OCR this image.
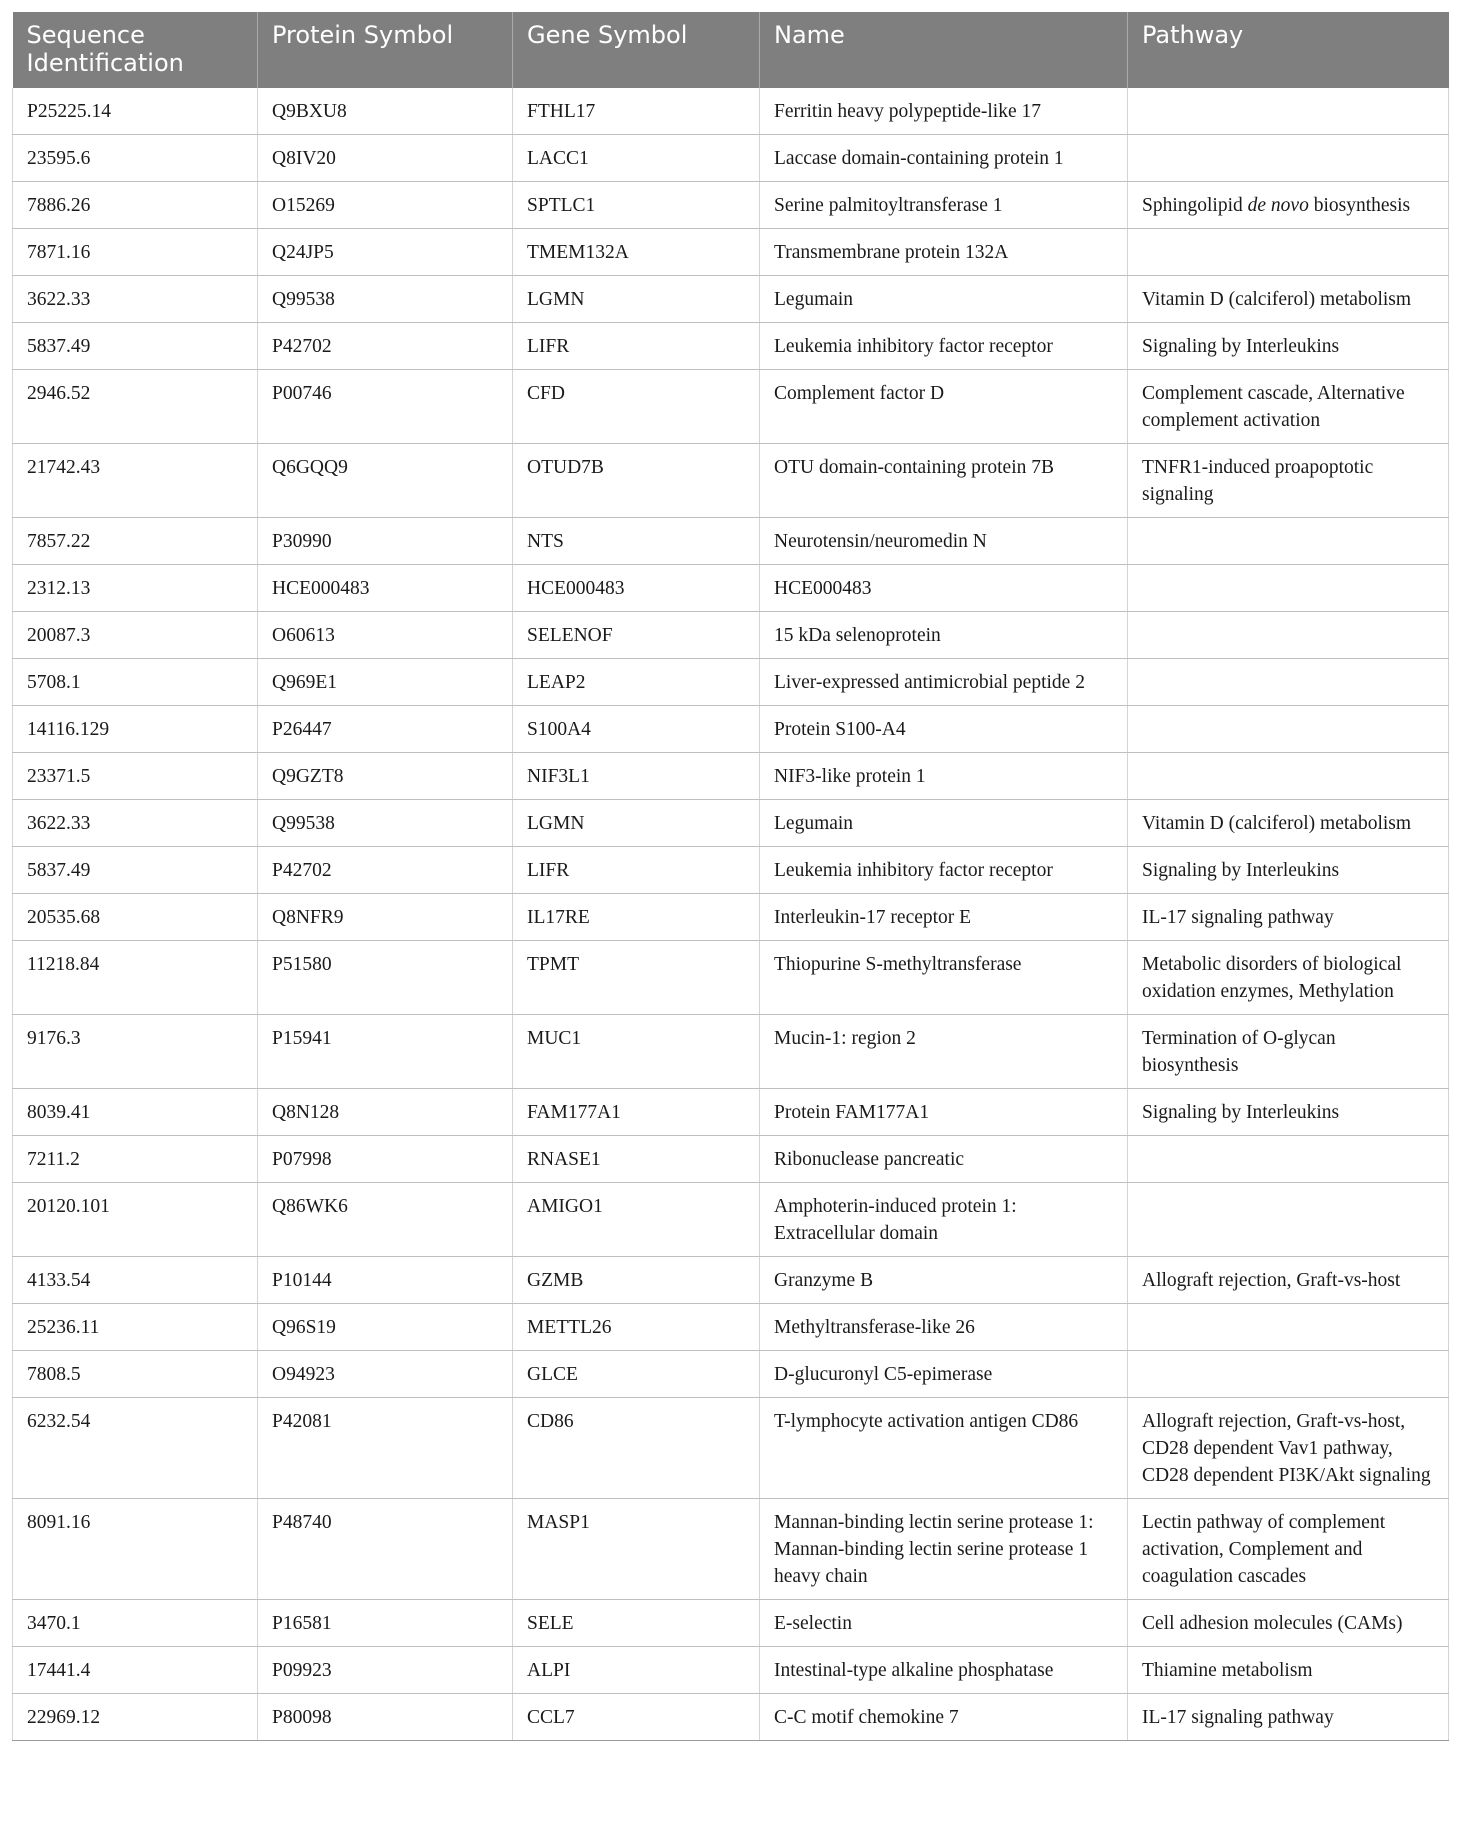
Sequence Identification	Protein Symbol	Gene Symbol	Name	Pathway
P25225.14	Q9BXU8	FTHL17	Ferritin heavy polypeptide-like 17	
23595.6	Q8IV20	LACC1	Laccase domain-containing protein 1	
7886.26	O15269	SPTLC1	Serine palmitoyltransferase 1	Sphingolipid de novo biosynthesis
7871.16	Q24JP5	TMEM132A	Transmembrane protein 132A	
3622.33	Q99538	LGMN	Legumain	Vitamin D (calciferol) metabolism
5837.49	P42702	LIFR	Leukemia inhibitory factor receptor	Signaling by Interleukins
2946.52	P00746	CFD	Complement factor D	Complement cascade, Alternative complement activation
21742.43	Q6GQQ9	OTUD7B	OTU domain-containing protein 7B	TNFR1-induced proapoptotic signaling
7857.22	P30990	NTS	Neurotensin/neuromedin N	
2312.13	HCE000483	HCE000483	HCE000483	
20087.3	O60613	SELENOF	15 kDa selenoprotein	
5708.1	Q969E1	LEAP2	Liver-expressed antimicrobial peptide 2	
14116.129	P26447	S100A4	Protein S100-A4	
23371.5	Q9GZT8	NIF3L1	NIF3-like protein 1	
3622.33	Q99538	LGMN	Legumain	Vitamin D (calciferol) metabolism
5837.49	P42702	LIFR	Leukemia inhibitory factor receptor	Signaling by Interleukins
20535.68	Q8NFR9	IL17RE	Interleukin-17 receptor E	IL-17 signaling pathway
11218.84	P51580	TPMT	Thiopurine S-methyltransferase	Metabolic disorders of biological oxidation enzymes, Methylation
9176.3	P15941	MUC1	Mucin-1: region 2	Termination of O-glycan biosynthesis
8039.41	Q8N128	FAM177A1	Protein FAM177A1	Signaling by Interleukins
7211.2	P07998	RNASE1	Ribonuclease pancreatic	
20120.101	Q86WK6	AMIGO1	Amphoterin-induced protein 1: Extracellular domain	
4133.54	P10144	GZMB	Granzyme B	Allograft rejection, Graft-vs-host
25236.11	Q96S19	METTL26	Methyltransferase-like 26	
7808.5	O94923	GLCE	D-glucuronyl C5-epimerase	
6232.54	P42081	CD86	T-lymphocyte activation antigen CD86	Allograft rejection, Graft-vs-host, CD28 dependent Vav1 pathway, CD28 dependent PI3K/Akt signaling
8091.16	P48740	MASP1	Mannan-binding lectin serine protease 1: Mannan-binding lectin serine protease 1 heavy chain	Lectin pathway of complement activation, Complement and coagulation cascades
3470.1	P16581	SELE	E-selectin	Cell adhesion molecules (CAMs)
17441.4	P09923	ALPI	Intestinal-type alkaline phosphatase	Thiamine metabolism
22969.12	P80098	CCL7	C-C motif chemokine 7	IL-17 signaling pathway
